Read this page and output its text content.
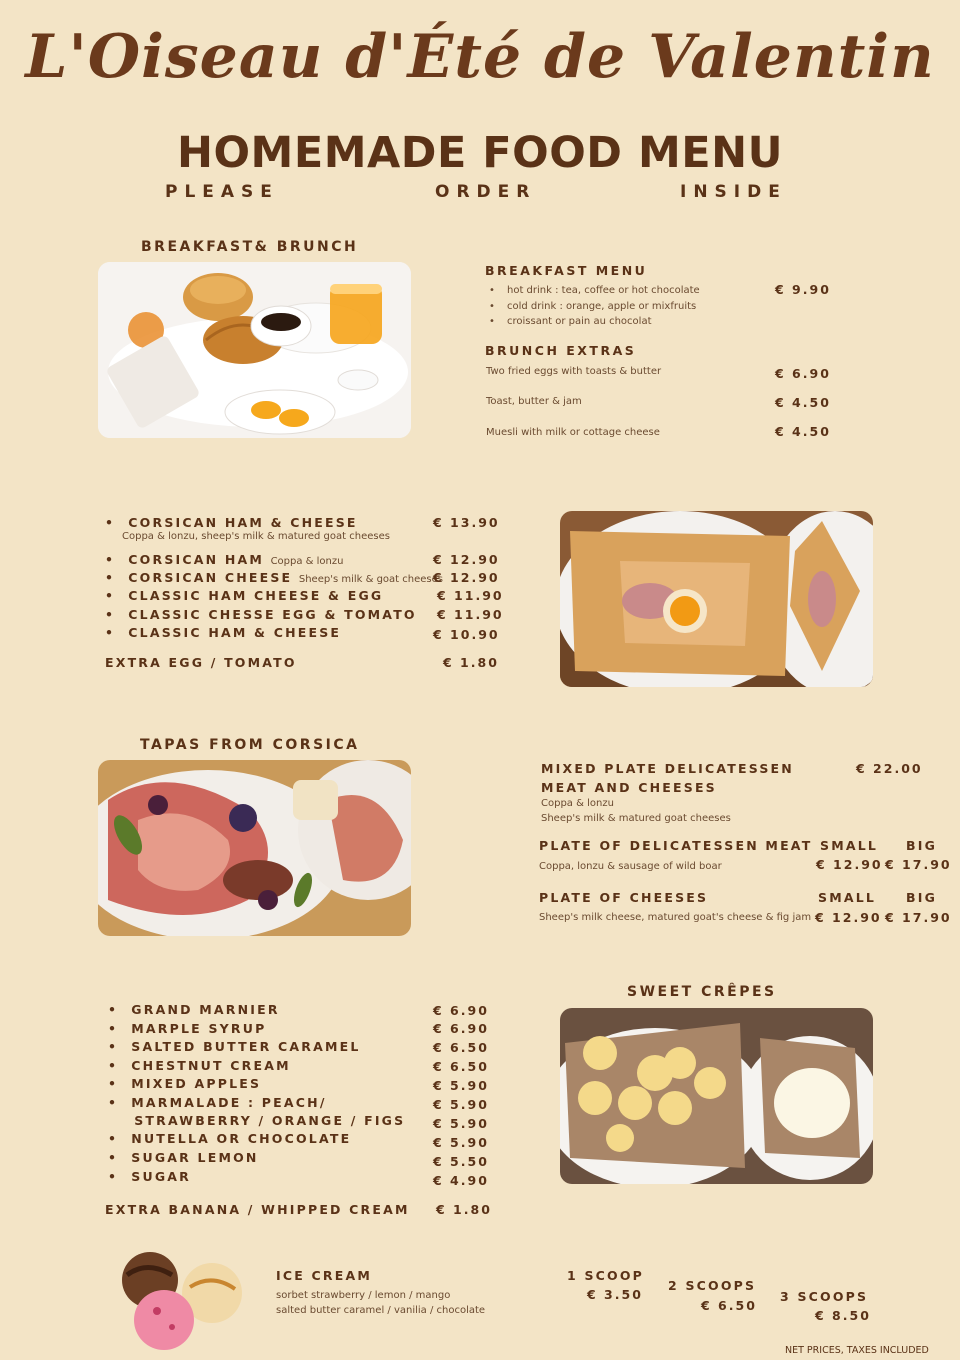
L'Oiseau d'Été de Valentin
HOMEMADE FOOD MENU
PLEASE	ORDER	INSIDE
BREAKFAST& BRUNCH
BREAKFAST MENU
• hot drink : tea, coffee or hot chocolate
• cold drink : orange, apple or mixfruits
• croissant or pain au chocolat
€ 9.90
BRUNCH EXTRAS
Two fried eggs with toasts & butter	€ 6.90
Toast, butter & jam	€ 4.50
Muesli with milk or cottage cheese	€ 4.50
•  CORSICAN HAM & CHEESE
Coppa & lonzu, sheep's milk & matured goat cheeses
€ 13.90
•  CORSICAN HAM Coppa & lonzu	€ 12.90
•  CORSICAN CHEESE Sheep's milk & goat cheeses
€ 12.90
•  CLASSIC HAM CHEESE & EGG	€ 11.90
•  CLASSIC CHESSE EGG & TOMATO € 11.90
•  CLASSIC HAM & CHEESE	€ 10.90
EXTRA EGG / TOMATO	€ 1.80
TAPAS FROM CORSICA
MIXED PLATE DELICATESSEN
MEAT AND CHEESES
Coppa & lonzu
Sheep's milk & matured goat cheeses
€ 22.00
PLATE OF DELICATESSEN MEAT SMALL BIG
Coppa, lonzu & sausage of wild boar	€ 12.90 € 17.90
PLATE OF CHEESES	SMALL BIG
Sheep's milk cheese, matured goat's cheese & fig jam € 12.90 € 17.90
SWEET CRÊPES
•  GRAND MARNIER	€ 6.90
•  MARPLE SYRUP	€ 6.90
•  SALTED BUTTER CARAMEL	€ 6.50
•  CHESTNUT CREAM	€ 6.50
•  MIXED APPLES	€ 5.90
•  MARMALADE : PEACH/	€ 5.90
STRAWBERRY / ORANGE / FIGS € 5.90
•  NUTELLA OR CHOCOLATE	€ 5.90
•  SUGAR LEMON	€ 5.50
•  SUGAR	€ 4.90
EXTRA BANANA / WHIPPED CREAM € 1.80
ICE CREAM
sorbet strawberry / lemon / mango
salted butter caramel / vanilia / chocolate
1 SCOOP
€ 3.50
2 SCOOPS
€ 6.50
3 SCOOPS
€ 8.50
NET PRICES, TAXES INCLUDED
